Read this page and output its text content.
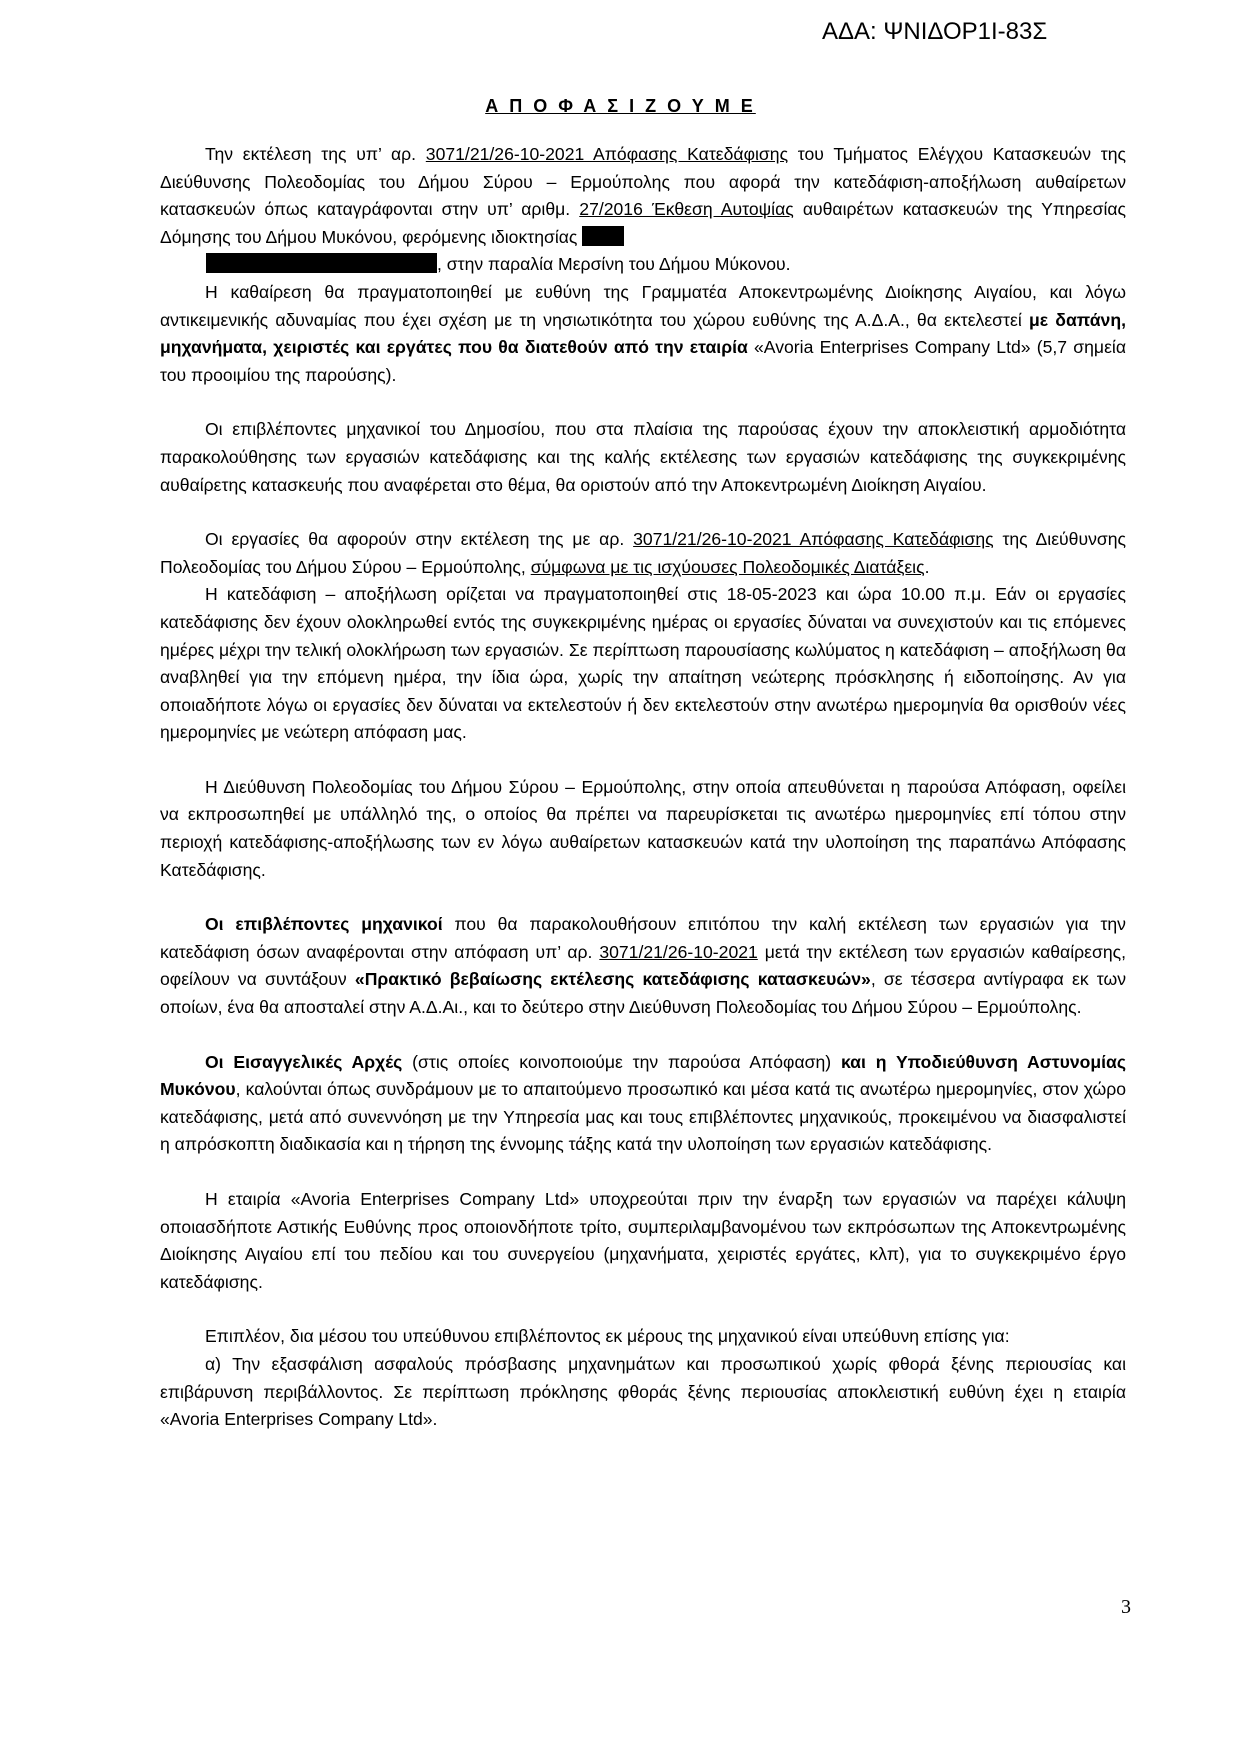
ΑΔΑ: ΨΝΙΔΟΡ1Ι-83Σ
Α Π Ο Φ Α Σ Ι Ζ Ο Υ Μ Ε

Την εκτέλεση της υπ’ αρ. 3071/21/26-10-2021 Απόφασης Κατεδάφισης του Τμήματος Ελέγχου Κατασκευών της Διεύθυνσης Πολεοδομίας του Δήμου Σύρου – Ερμούπολης που αφορά την κατεδάφιση-αποξήλωση αυθαίρετων κατασκευών όπως καταγράφονται στην υπ’ αριθμ. 27/2016 Έκθεση Αυτοψίας αυθαιρέτων κατασκευών της Υπηρεσίας Δόμησης του Δήμου Μυκόνου, φερόμενης ιδιοκτησίας

, στην παραλία Μερσίνη του Δήμου Μύκονου.

Η καθαίρεση θα πραγματοποιηθεί με ευθύνη της Γραμματέα Αποκεντρωμένης Διοίκησης Αιγαίου, και λόγω αντικειμενικής αδυναμίας που έχει σχέση με τη νησιωτικότητα του χώρου ευθύνης της Α.Δ.Α., θα εκτελεστεί με δαπάνη, μηχανήματα, χειριστές και εργάτες που θα διατεθούν από την εταιρία «Avoria Enterprises Company Ltd» (5,7 σημεία του προοιμίου της παρούσης).

Οι επιβλέποντες μηχανικοί του Δημοσίου, που στα πλαίσια της παρούσας έχουν την αποκλειστική αρμοδιότητα παρακολούθησης των εργασιών κατεδάφισης και της καλής εκτέλεσης των εργασιών κατεδάφισης της συγκεκριμένης αυθαίρετης κατασκευής που αναφέρεται στο θέμα, θα οριστούν από την Αποκεντρωμένη Διοίκηση Αιγαίου.

Οι εργασίες θα αφορούν στην εκτέλεση της με αρ. 3071/21/26-10-2021 Απόφασης Κατεδάφισης της Διεύθυνσης Πολεοδομίας του Δήμου Σύρου – Ερμούπολης, σύμφωνα με τις ισχύουσες Πολεοδομικές Διατάξεις.

Η κατεδάφιση – αποξήλωση ορίζεται να πραγματοποιηθεί στις 18-05-2023 και ώρα 10.00 π.μ. Εάν οι εργασίες κατεδάφισης δεν έχουν ολοκληρωθεί εντός της συγκεκριμένης ημέρας οι εργασίες δύναται να συνεχιστούν και τις επόμενες ημέρες μέχρι την τελική ολοκλήρωση των εργασιών. Σε περίπτωση παρουσίασης κωλύματος η κατεδάφιση – αποξήλωση θα αναβληθεί για την επόμενη ημέρα, την ίδια ώρα, χωρίς την απαίτηση νεώτερης πρόσκλησης ή ειδοποίησης. Αν για οποιαδήποτε λόγω οι εργασίες δεν δύναται να εκτελεστούν ή δεν εκτελεστούν στην ανωτέρω ημερομηνία θα ορισθούν νέες ημερομηνίες με νεώτερη απόφαση μας.

Η Διεύθυνση Πολεοδομίας του Δήμου Σύρου – Ερμούπολης, στην οποία απευθύνεται η παρούσα Απόφαση, οφείλει να εκπροσωπηθεί με υπάλληλό της, ο οποίος θα πρέπει να παρευρίσκεται τις ανωτέρω ημερομηνίες επί τόπου στην περιοχή κατεδάφισης-αποξήλωσης των εν λόγω αυθαίρετων κατασκευών κατά την υλοποίηση της παραπάνω Απόφασης Κατεδάφισης.

Οι επιβλέποντες μηχανικοί που θα παρακολουθήσουν επιτόπου την καλή εκτέλεση των εργασιών για την κατεδάφιση όσων αναφέρονται στην απόφαση υπ’ αρ. 3071/21/26-10-2021 μετά την εκτέλεση των εργασιών καθαίρεσης, οφείλουν να συντάξουν «Πρακτικό βεβαίωσης εκτέλεσης κατεδάφισης κατασκευών», σε τέσσερα αντίγραφα εκ των οποίων, ένα θα αποσταλεί στην Α.Δ.Αι., και το δεύτερο στην Διεύθυνση Πολεοδομίας του Δήμου Σύρου – Ερμούπολης.

Οι Εισαγγελικές Αρχές (στις οποίες κοινοποιούμε την παρούσα Απόφαση) και η Υποδιεύθυνση Αστυνομίας Μυκόνου, καλούνται όπως συνδράμουν με το απαιτούμενο προσωπικό και μέσα κατά τις ανωτέρω ημερομηνίες, στον χώρο κατεδάφισης, μετά από συνεννόηση με την Υπηρεσία μας και τους επιβλέποντες μηχανικούς, προκειμένου να διασφαλιστεί η απρόσκοπτη διαδικασία και η τήρηση της έννομης τάξης κατά την υλοποίηση των εργασιών κατεδάφισης.

Η εταιρία «Avoria Enterprises Company Ltd» υποχρεούται πριν την έναρξη των εργασιών να παρέχει κάλυψη οποιασδήποτε Αστικής Ευθύνης προς οποιονδήποτε τρίτο, συμπεριλαμβανομένου των εκπρόσωπων της Αποκεντρωμένης Διοίκησης Αιγαίου επί του πεδίου και του συνεργείου (μηχανήματα, χειριστές εργάτες, κλπ), για το συγκεκριμένο έργο κατεδάφισης.

Επιπλέον, δια μέσου του υπεύθυνου επιβλέποντος εκ μέρους της μηχανικού είναι υπεύθυνη επίσης για:

α) Την εξασφάλιση ασφαλούς πρόσβασης μηχανημάτων και προσωπικού χωρίς φθορά ξένης περιουσίας και επιβάρυνση περιβάλλοντος. Σε περίπτωση πρόκλησης φθοράς ξένης περιουσίας αποκλειστική ευθύνη έχει η εταιρία «Avoria Enterprises Company Ltd».

3
